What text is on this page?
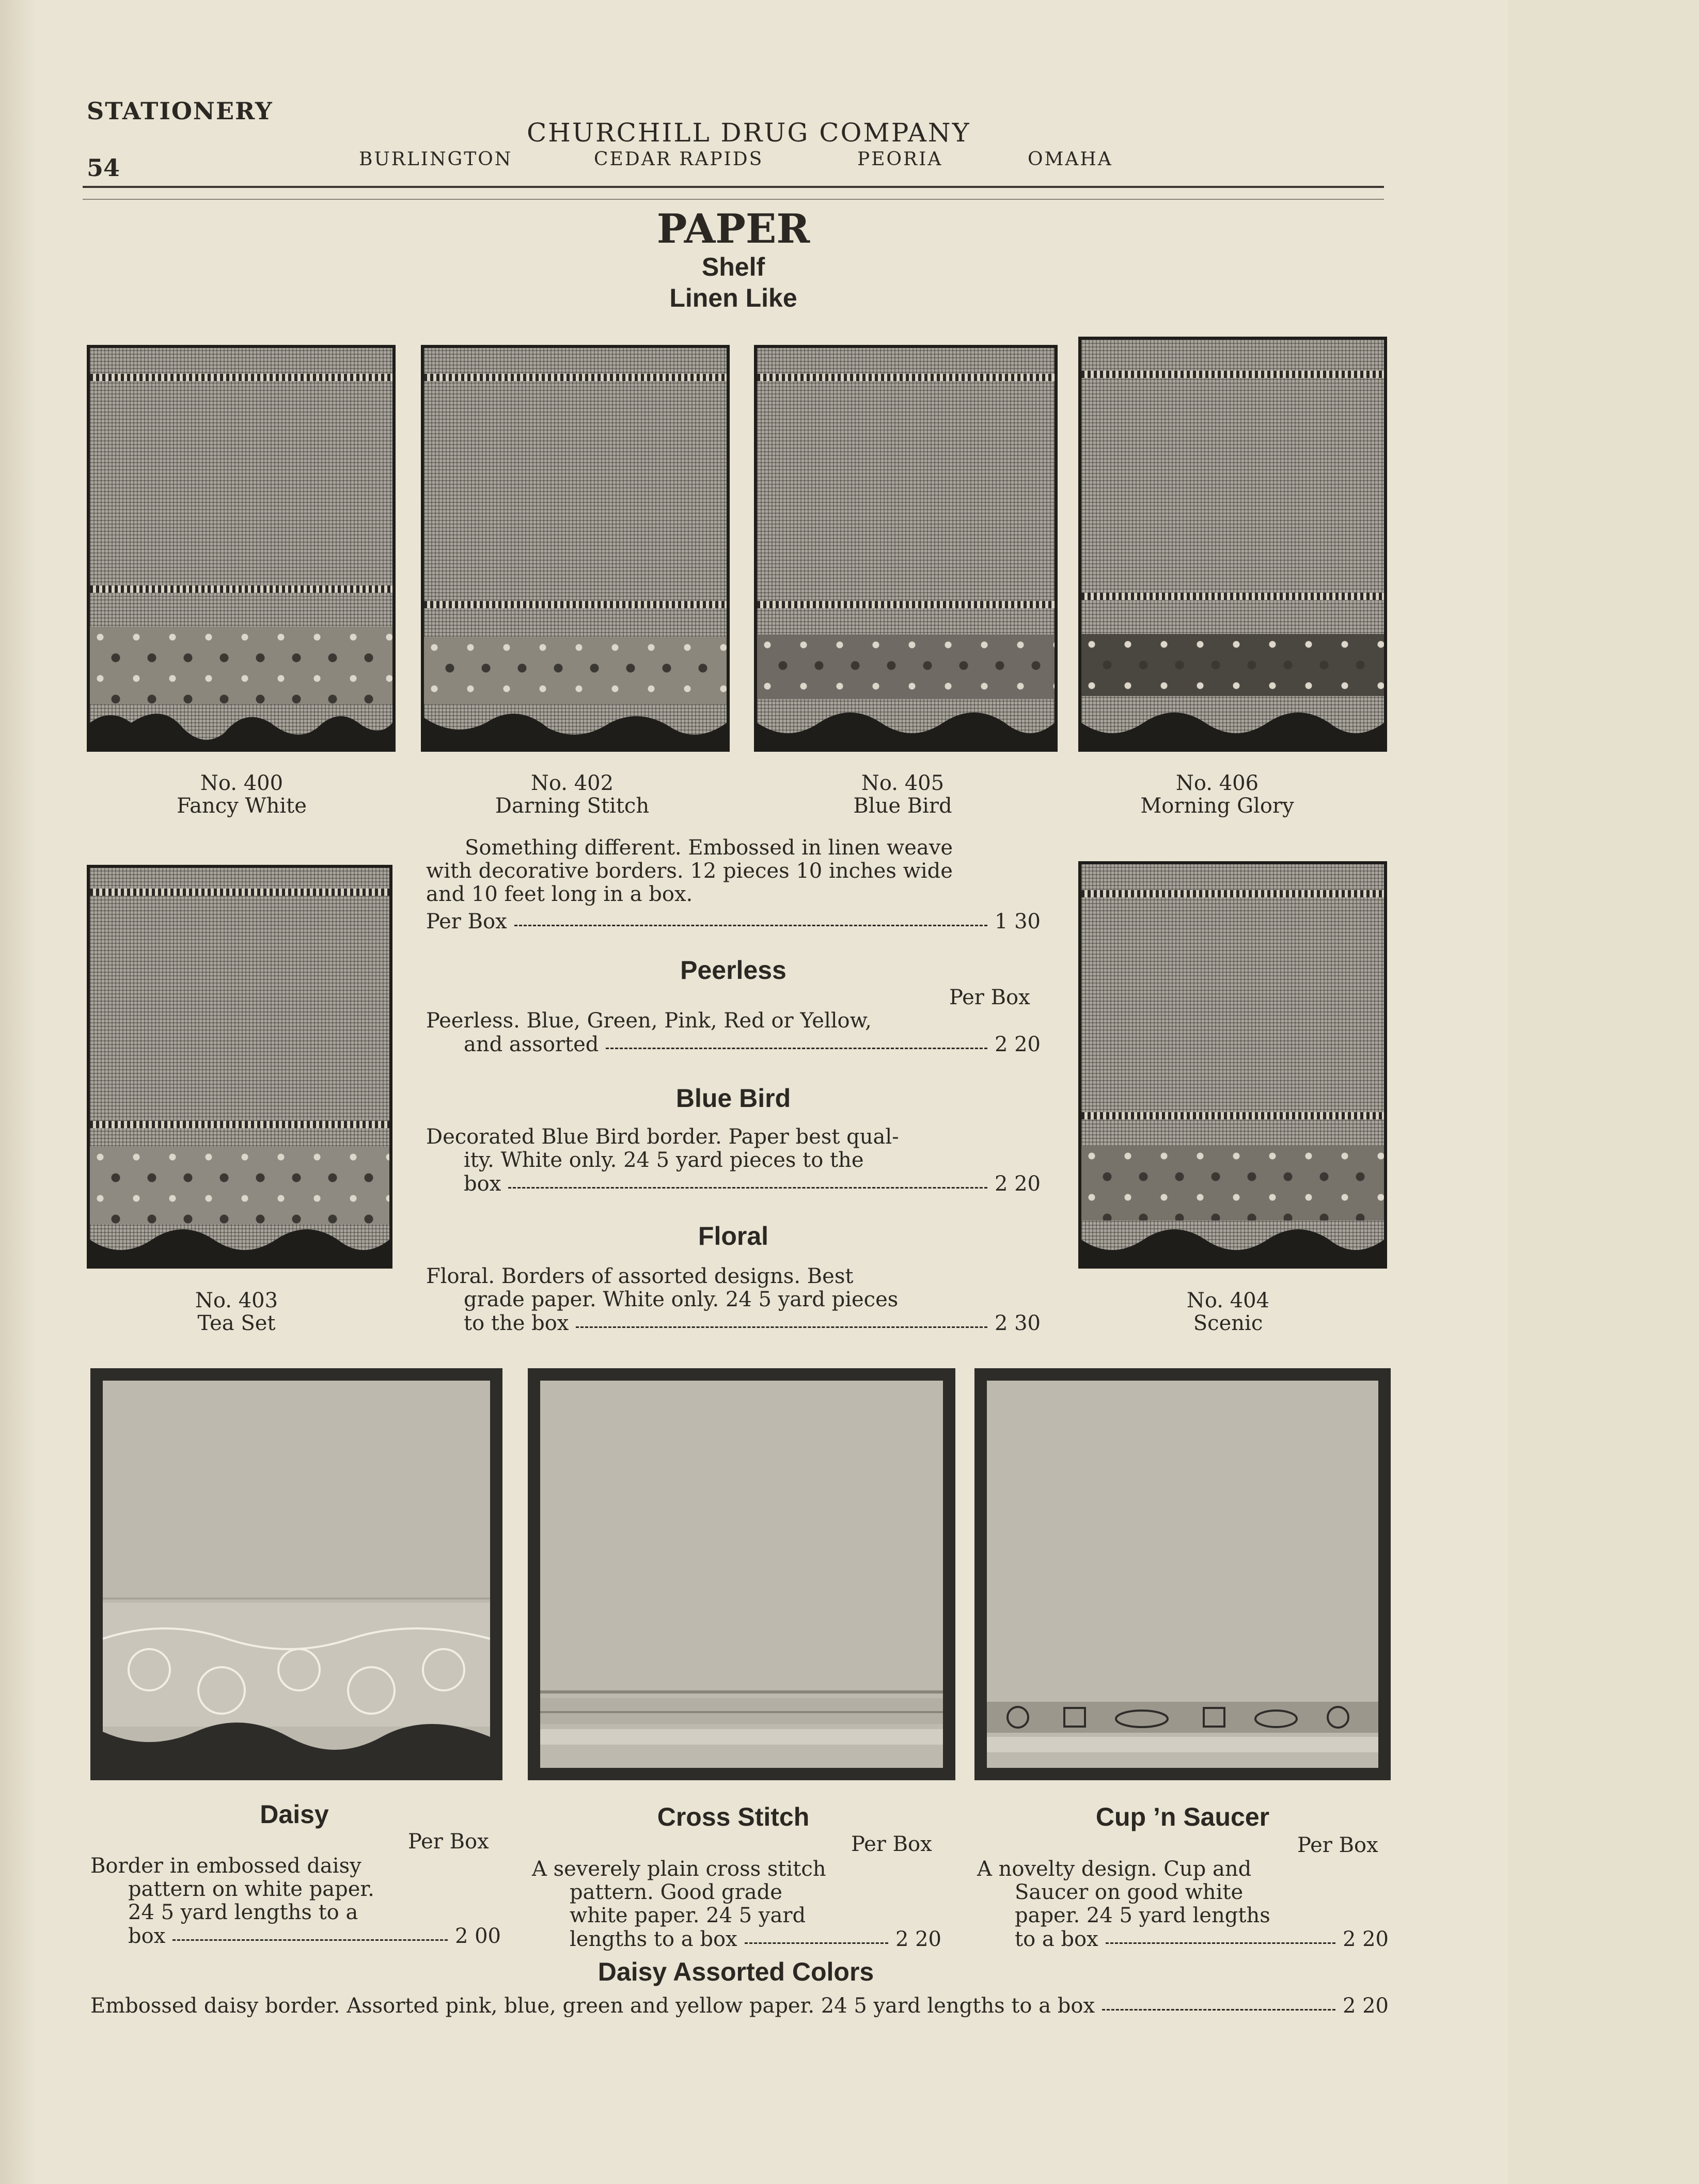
STATIONERY
54
CHURCHILL DRUG COMPANY
BURLINGTON	CEDAR RAPIDS	PEORIA	OMAHA
PAPER
Shelf
Linen Like
No. 400
Fancy White
No. 402
Darning Stitch
No. 405
Blue Bird
No. 406
Morning Glory
No. 403
Tea Set
No. 404
Scenic
Something different. Embossed in linen weave
with decorative borders. 12 pieces 10 inches wide
and 10 feet long in a box.
Per Box	1 30
Peerless
Per Box
Peerless. Blue, Green, Pink, Red or Yellow,
and assorted	2 20
Blue Bird
Decorated Blue Bird border. Paper best qual-
ity. White only. 24 5 yard pieces to the
box	2 20
Floral
Floral. Borders of assorted designs. Best
grade paper. White only. 24 5 yard pieces
to the box	2 30
Daisy
Per Box
Border in embossed daisy
pattern on white paper.
24 5 yard lengths to a
box	2 00
Cross Stitch
Per Box
A severely plain cross stitch
pattern. Good grade
white paper. 24 5 yard
lengths to a box	2 20
Cup ’n Saucer
Per Box
A novelty design. Cup and
Saucer on good white
paper. 24 5 yard lengths
to a box	2 20
Daisy Assorted Colors
Embossed daisy border. Assorted pink, blue, green and yellow paper. 24 5 yard lengths to a box	2 20
